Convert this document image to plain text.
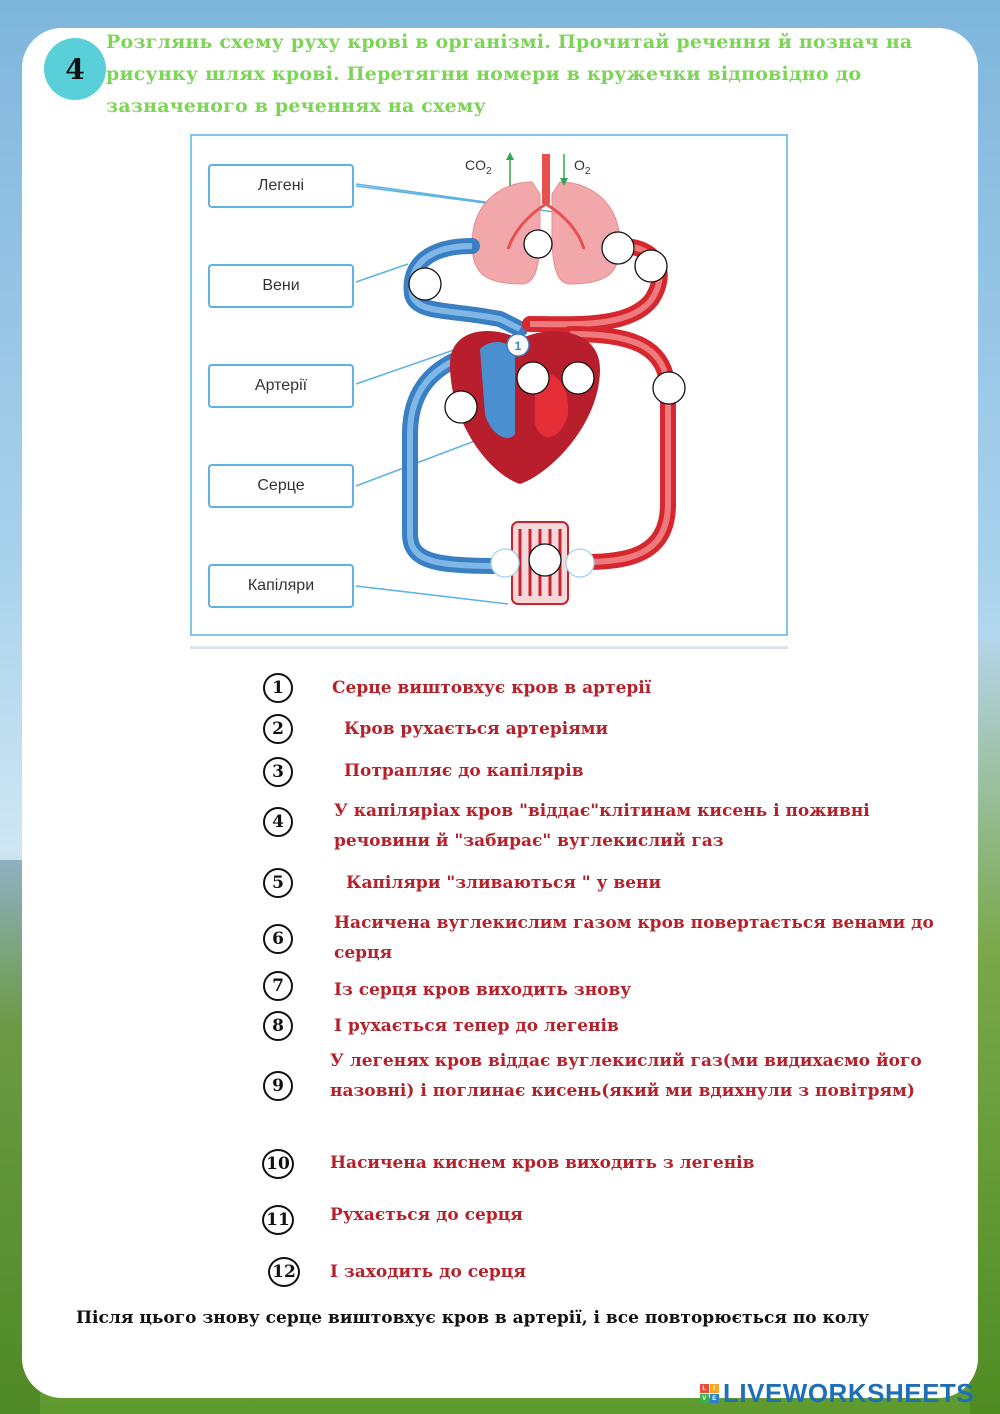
4
Розглянь схему руху крові в організмі. Прочитай речення й познач на рисунку шлях крові. Перетягни номери в кружечки відповідно до зазначеного в реченнях на схему
1
$CO_2$	$O_2$
Легені
Вени
Артерії
Серце
Капіляри
1	Серце виштовхує кров в артерії
2	Кров рухається артеріями
3	Потрапляє до капілярів
4
У капіляріах кров "віддає"клітинам кисень і поживні речовини й "забирає" вуглекислий газ
5	Капіляри "зливаються " у вени
6
Насичена вуглекислим газом кров повертається венами до серця
7	Із серця кров виходить знову
8	І рухається тепер до легенів
9
У легенях кров віддає вуглекислий газ(ми видихаємо його назовні) і поглинає кисень(який ми вдихнули з повітрям)
10 Насичена киснем кров виходить з легенів
11 Рухається до серця
12 І заходить до серця
Після цього знову серце виштовхує кров в артерії, і все повторюється по колу
L	I
V E LIVEWORKSHEETS
